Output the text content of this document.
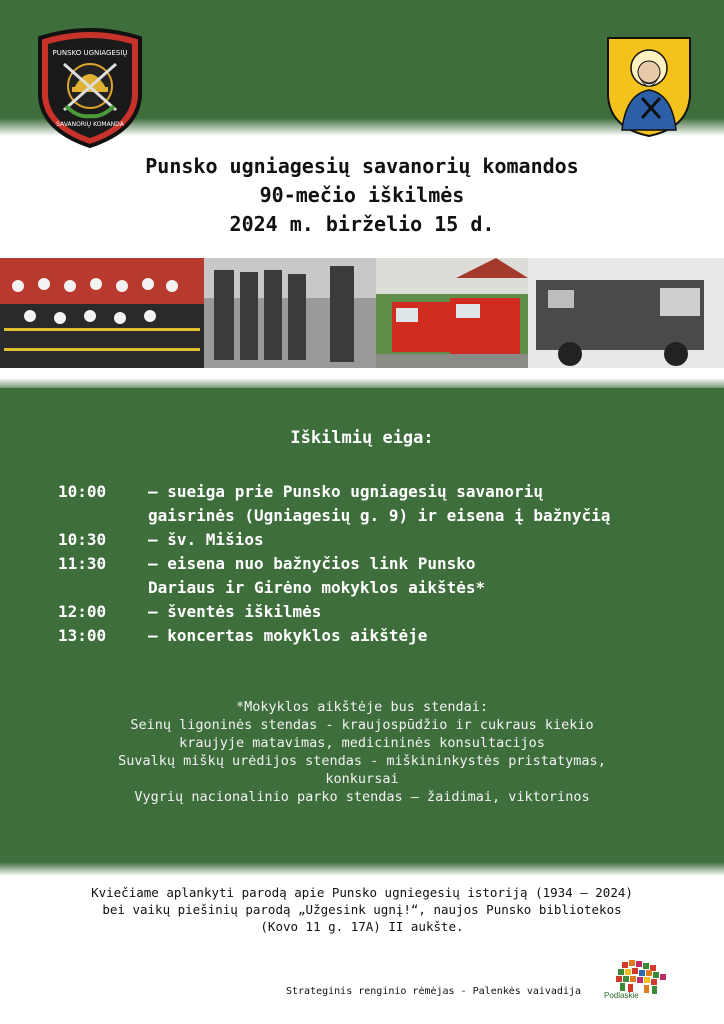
PUNSKO UGNIAGESIŲ
SAVANORIŲ KOMANDA
Punsko ugniagesių savanorių komandos
90-mečio iškilmės
2024 m. birželio 15 d.
Iškilmių eiga:
10:00	– sueiga prie Punsko ugniagesių savanorių
gaisrinės (Ugniagesių g. 9) ir eisena į bažnyčią
10:30	– šv. Mišios
11:30	– eisena nuo bažnyčios link Punsko
Dariaus ir Girėno mokyklos aikštės*
12:00	– šventės iškilmės
13:00	– koncertas mokyklos aikštėje
*Mokyklos aikštėje bus stendai:
Seinų ligoninės stendas - kraujospūdžio ir cukraus kiekio
kraujyje matavimas, medicininės konsultacijos
Suvalkų miškų urėdijos stendas - miškininkystės pristatymas,
konkursai
Vygrių nacionalinio parko stendas – žaidimai, viktorinos
Kviečiame aplankyti parodą apie Punsko ugniegesių istoriją (1934 – 2024)
bei vaikų piešinių parodą „Užgesink ugnį!“, naujos Punsko bibliotekos
(Kovo 11 g. 17A) II aukšte.
Strateginis renginio rėmėjas - Palenkės vaivadija	Podlaskie
